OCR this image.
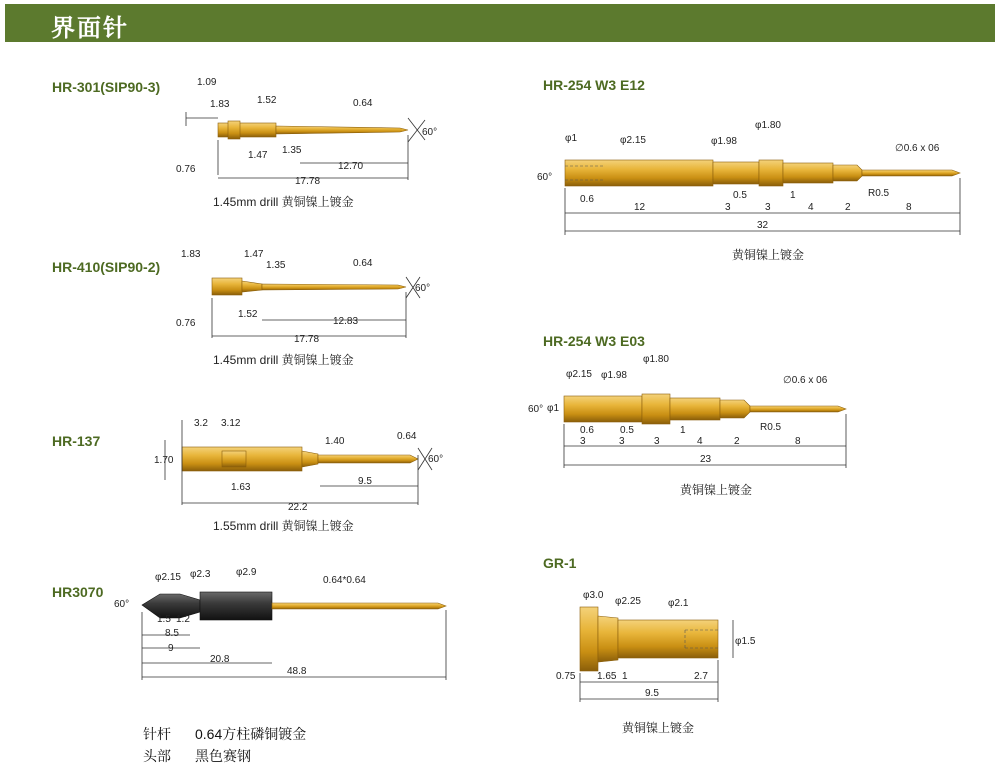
界面针
HR-301(SIP90-3)
HR-410(SIP90-2)
HR-137
HR3070
HR-254 W3 E12
HR-254 W3 E03
GR-1
1.45mm drill 黄铜镍上镀金
1.45mm drill 黄铜镍上镀金
1.55mm drill 黄铜镍上镀金
黄铜镍上镀金
黄铜镍上镀金
黄铜镍上镀金
针杆 0.64方柱磷铜镀金
头部 黑色赛钢
1.09
1.83	1.52	0.64
60°
0.76
1.47 1.35
12.70
17.78
1.83	1.47
1.35	0.64
60°
0.76
1.52
12.83
17.78
3.2 3.12
1.40	0.64
60°
1.70
1.63
9.5
22.2
φ2.15 φ2.3	φ2.9
0.64*0.64
60°
1.5 1.2
8.5
9
20.8
48.8
φ1	φ2.15	φ1.98
φ1.80
∅0.6 x 06
60°
0.6	0.5	1	R0.5
12	3	3	4	2	8
32
φ1.80
φ2.15 φ1.98	∅0.6 x 06
60° φ1
0.6	0.5	1	R0.5
3	3	3	4	2	8
23
φ3.0
φ2.25	φ2.1
φ1.5
0.75 1.65 1	2.7
9.5
